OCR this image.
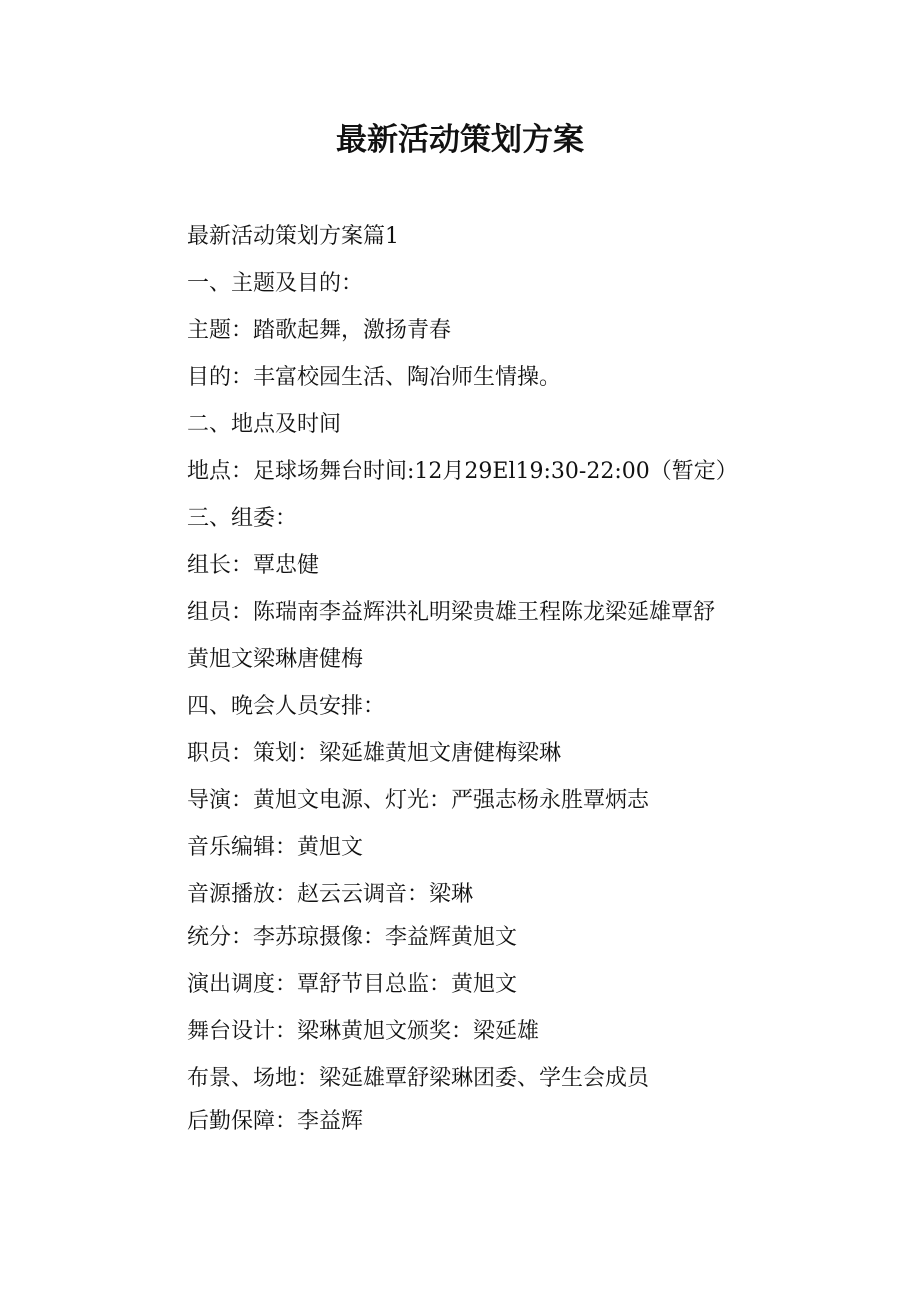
最新活动策划方案
最新活动策划方案篇1
一、主题及目的：
主题：踏歌起舞，激扬青春
目的：丰富校园生活、陶冶师生情操。
二、地点及时间
地点：足球场舞台时间:12月29El19:30-22:00（暂定）
三、组委：
组长：覃忠健
组员：陈瑞南李益辉洪礼明梁贵雄王程陈龙梁延雄覃舒
黄旭文梁琳唐健梅
四、晚会人员安排：
职员：策划：梁延雄黄旭文唐健梅梁琳
导演：黄旭文电源、灯光：严强志杨永胜覃炳志
音乐编辑：黄旭文
音源播放：赵云云调音：梁琳
统分：李苏琼摄像：李益辉黄旭文
演出调度：覃舒节目总监：黄旭文
舞台设计：梁琳黄旭文颁奖：梁延雄
布景、场地：梁延雄覃舒梁琳团委、学生会成员
后勤保障：李益辉
